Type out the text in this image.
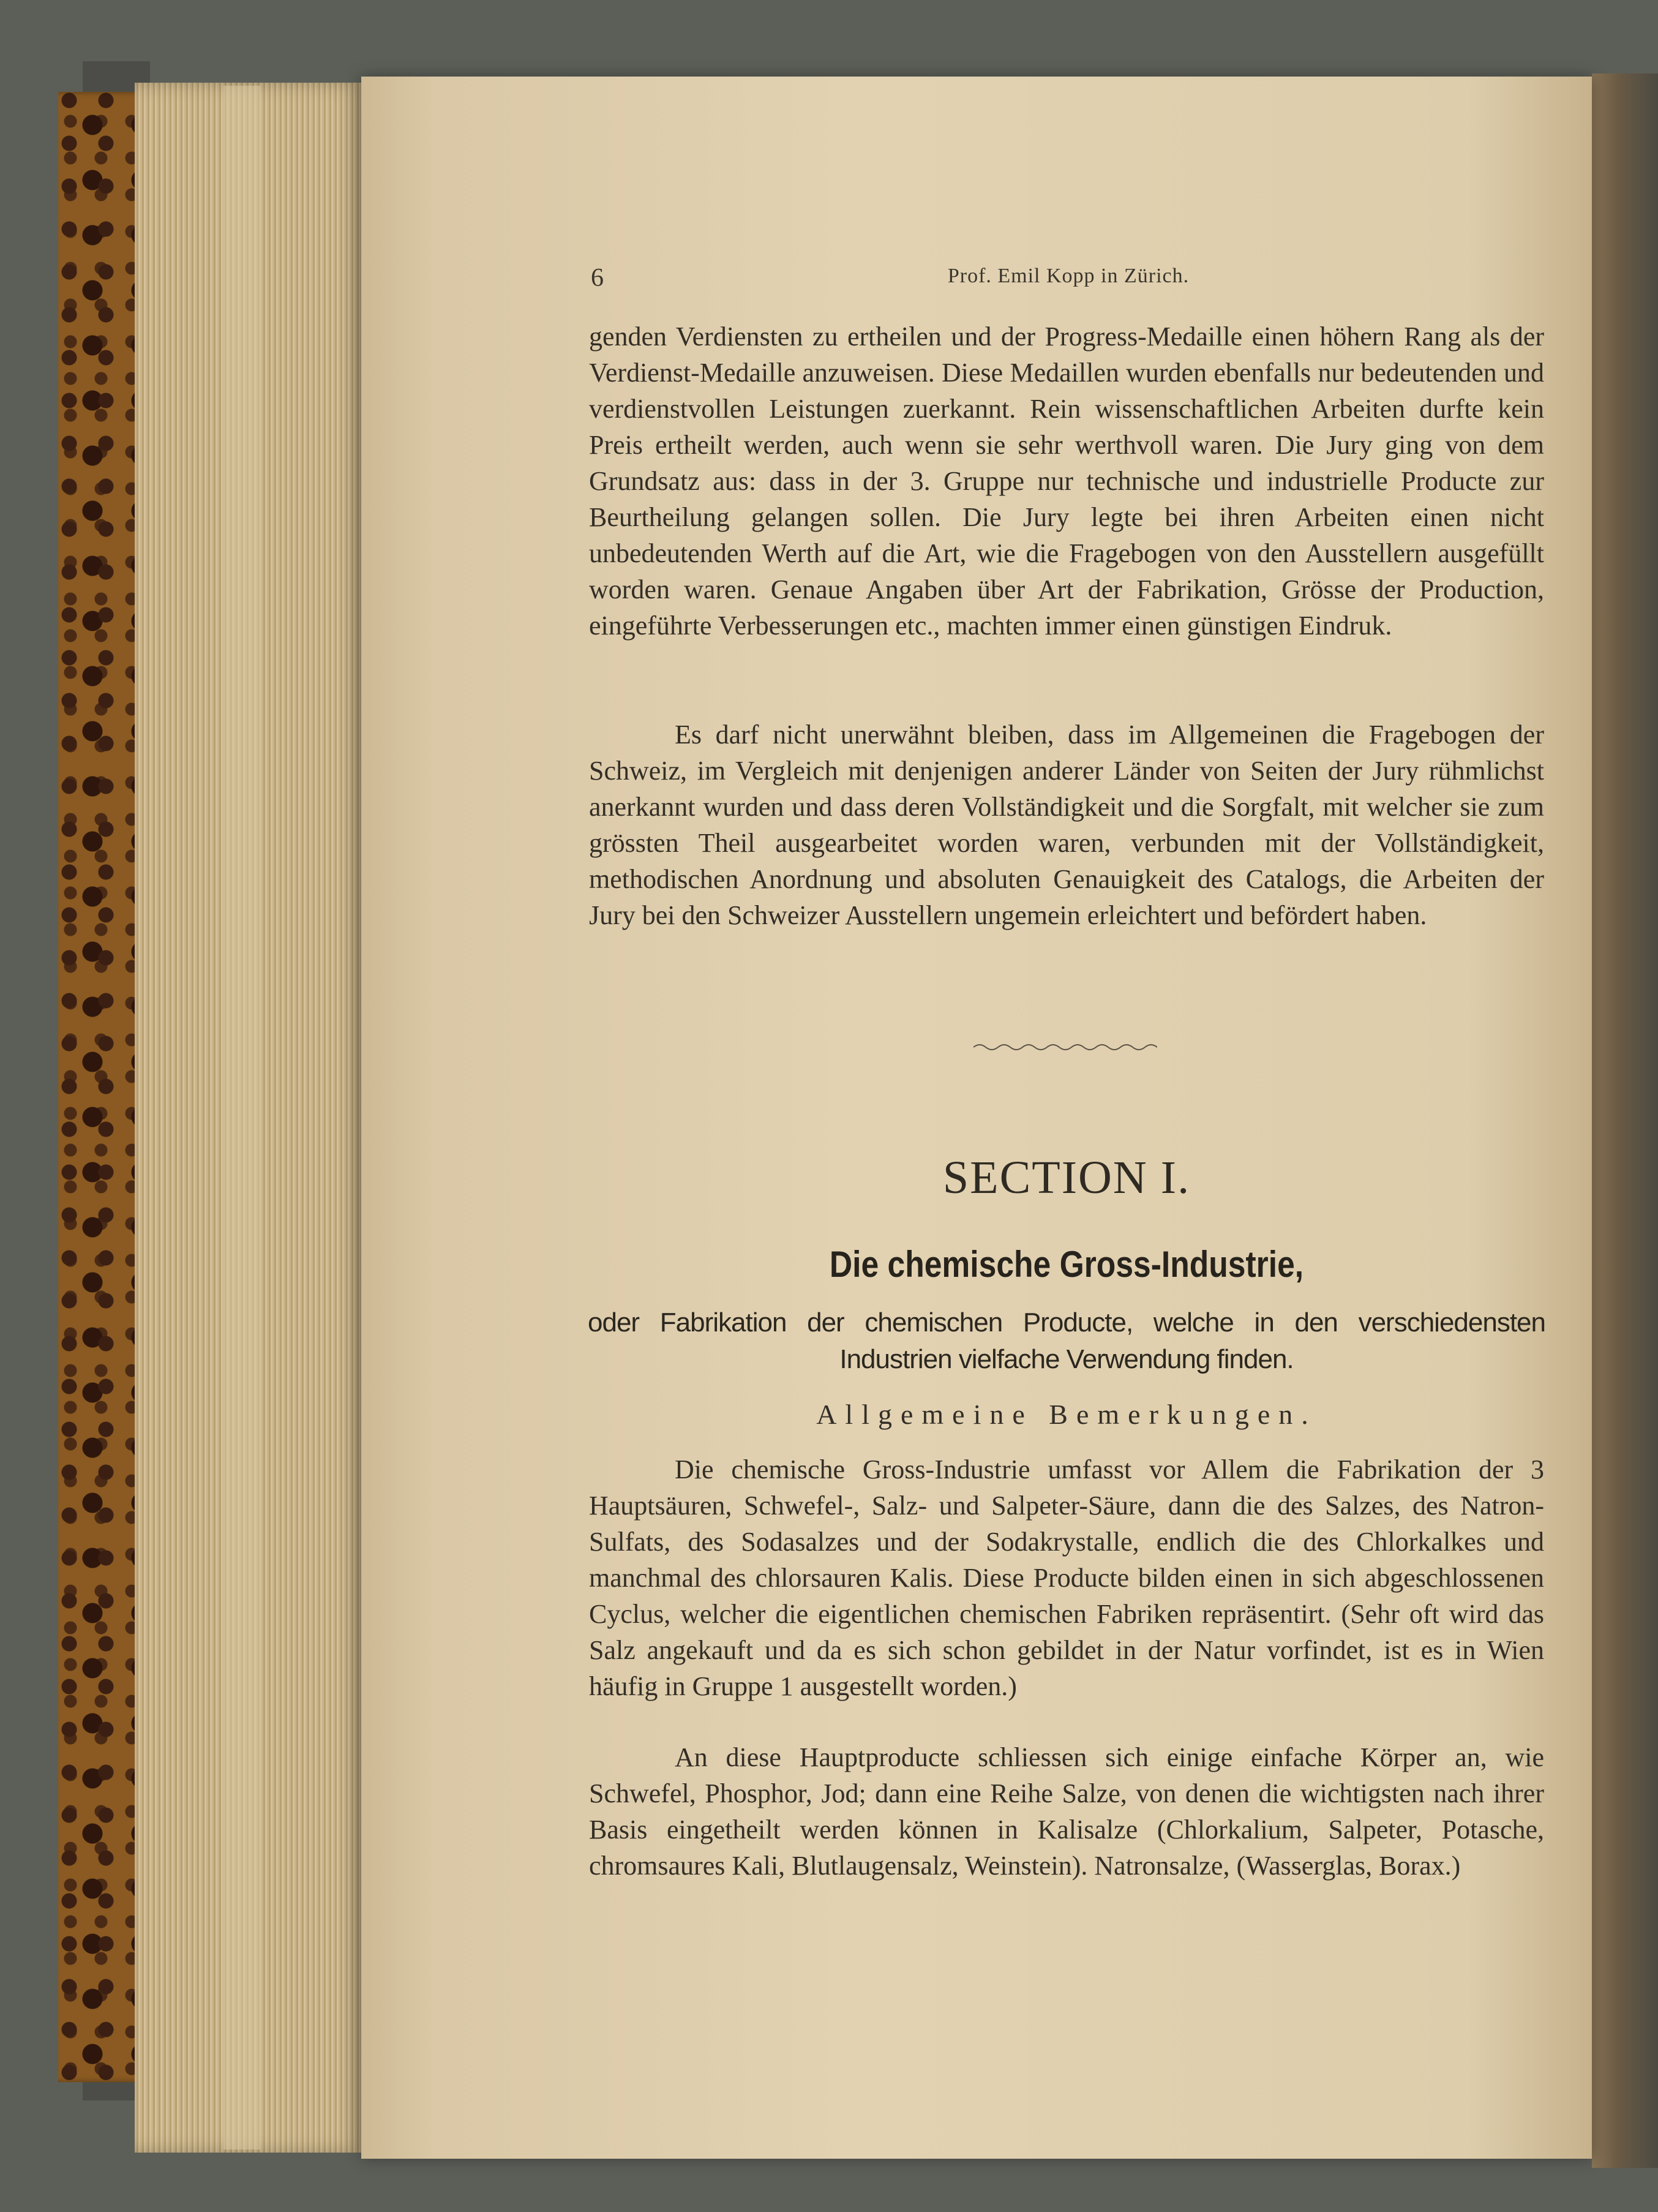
6	Prof. Emil Kopp in Zürich.

genden Verdiensten zu ertheilen und der Progress-Medaille einen höhern Rang als der Verdienst-Medaille anzuweisen. Diese Medaillen wurden ebenfalls nur bedeutenden und verdienstvollen Leistungen zuerkannt. Rein wissenschaftlichen Arbeiten durfte kein Preis ertheilt werden, auch wenn sie sehr werthvoll waren. Die Jury ging von dem Grundsatz aus: dass in der 3. Gruppe nur technische und industrielle Producte zur Beurtheilung gelangen sollen. Die Jury legte bei ihren Arbeiten einen nicht unbedeutenden Werth auf die Art, wie die Fragebogen von den Ausstellern ausgefüllt worden waren. Genaue Angaben über Art der Fabrikation, Grösse der Production, eingeführte Verbesserungen etc., machten immer einen günstigen Eindruk.

Es darf nicht unerwähnt bleiben, dass im Allgemeinen die Fragebogen der Schweiz, im Vergleich mit denjenigen anderer Länder von Seiten der Jury rühmlichst anerkannt wurden und dass deren Vollständigkeit und die Sorgfalt, mit welcher sie zum grössten Theil ausgearbeitet worden waren, verbunden mit der Vollständigkeit, methodischen Anordnung und absoluten Genauigkeit des Catalogs, die Arbeiten der Jury bei den Schweizer Ausstellern ungemein erleichtert und befördert haben.

SECTION I.
Die chemische Gross-Industrie,
oder Fabrikation der chemischen Producte, welche in den verschiedensten Industrien vielfache Verwendung finden.
Allgemeine Bemerkungen.

Die chemische Gross-Industrie umfasst vor Allem die Fabrikation der 3 Hauptsäuren, Schwefel-, Salz- und Salpeter-Säure, dann die des Salzes, des Natron-Sulfats, des Sodasalzes und der Sodakrystalle, endlich die des Chlorkalkes und manchmal des chlorsauren Kalis. Diese Producte bilden einen in sich abgeschlossenen Cyclus, welcher die eigentlichen chemischen Fabriken repräsentirt. (Sehr oft wird das Salz angekauft und da es sich schon gebildet in der Natur vorfindet, ist es in Wien häufig in Gruppe 1 ausgestellt worden.)

An diese Hauptproducte schliessen sich einige einfache Körper an, wie Schwefel, Phosphor, Jod; dann eine Reihe Salze, von denen die wichtigsten nach ihrer Basis eingetheilt werden können in Kalisalze (Chlorkalium, Salpeter, Potasche, chromsaures Kali, Blutlaugensalz, Weinstein). Natronsalze, (Wasserglas, Borax.)
